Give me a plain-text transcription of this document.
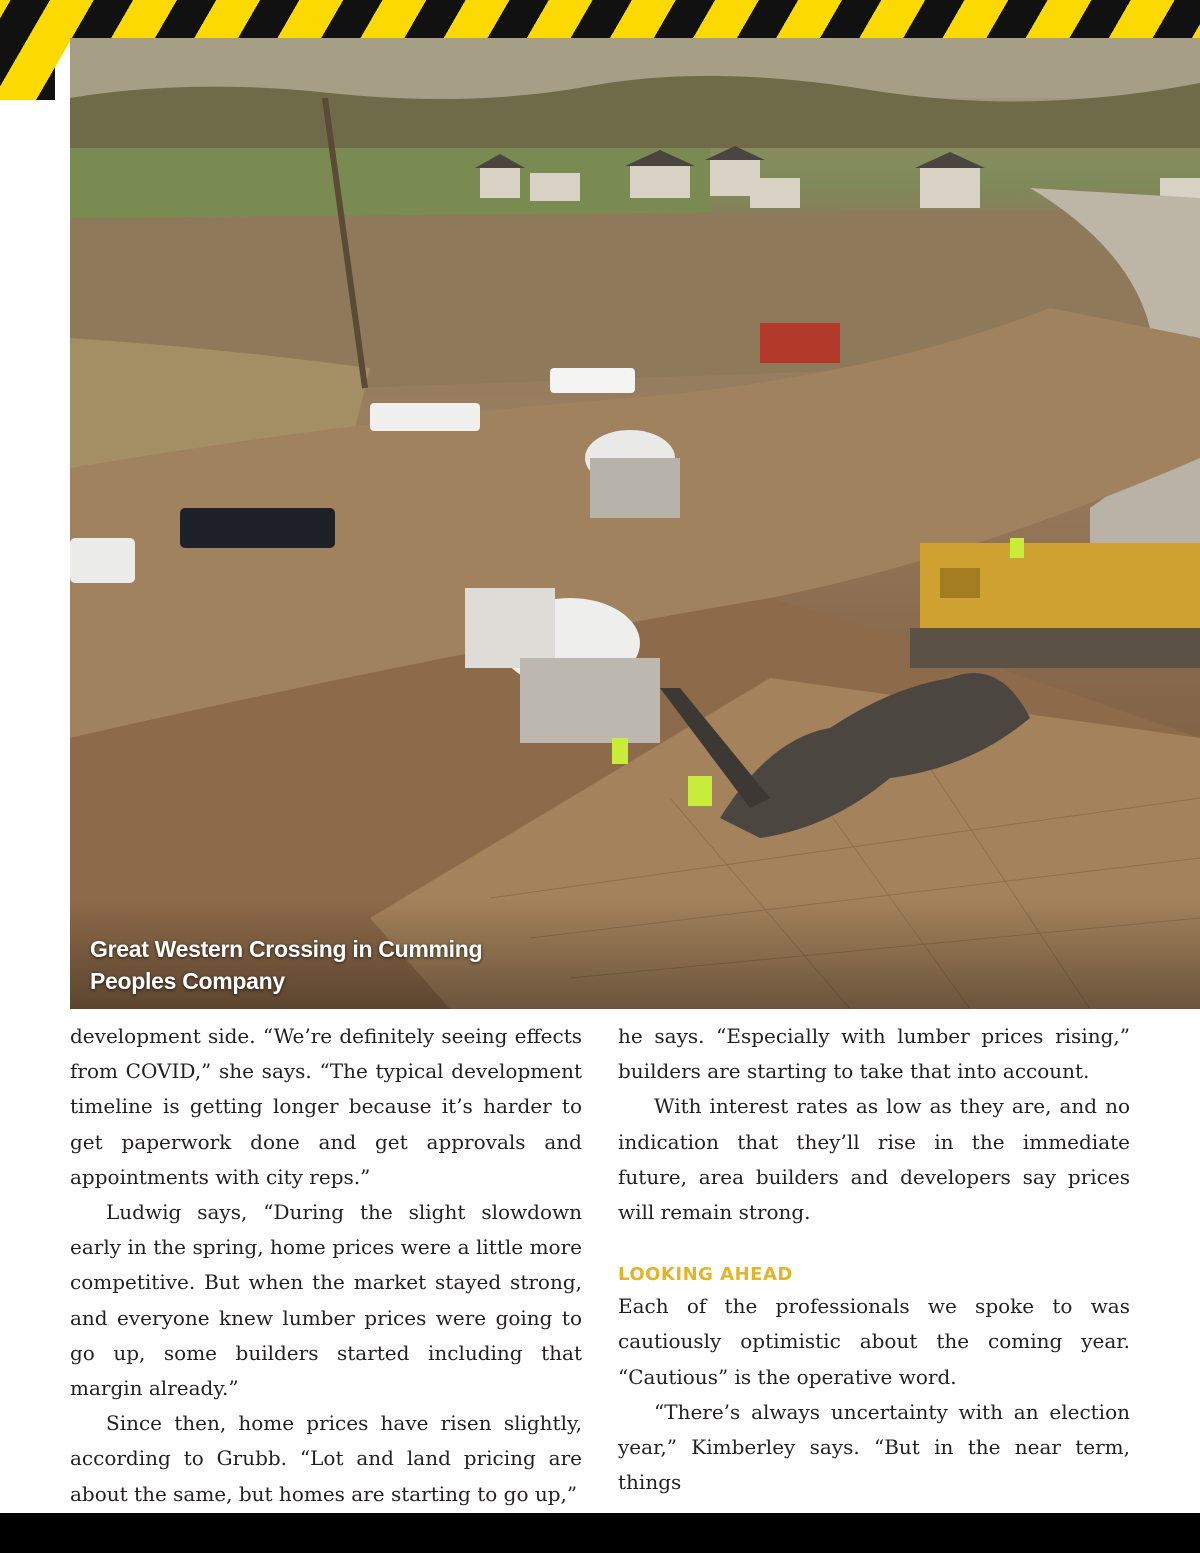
Great Western Crossing in Cumming
Peoples Company

development side. “We’re definitely seeing effects from COVID,” she says. “The typical development timeline is getting longer because it’s harder to get paperwork done and get approvals and appointments with city reps.”

Ludwig says, “During the slight slowdown early in the spring, home prices were a little more competitive. But when the market stayed strong, and everyone knew lumber prices were going to go up, some builders started including that margin already.”

Since then, home prices have risen slightly, according to Grubb. “Lot and land pricing are about the same, but homes are starting to go up,”

he says. “Especially with lumber prices rising,” builders are starting to take that into account.

With interest rates as low as they are, and no indication that they’ll rise in the immediate future, area builders and developers say prices will remain strong.

LOOKING AHEAD

Each of the professionals we spoke to was cautiously optimistic about the coming year. “Cautious” is the operative word.

“There’s always uncertainty with an election year,” Kimberley says. “But in the near term, things
